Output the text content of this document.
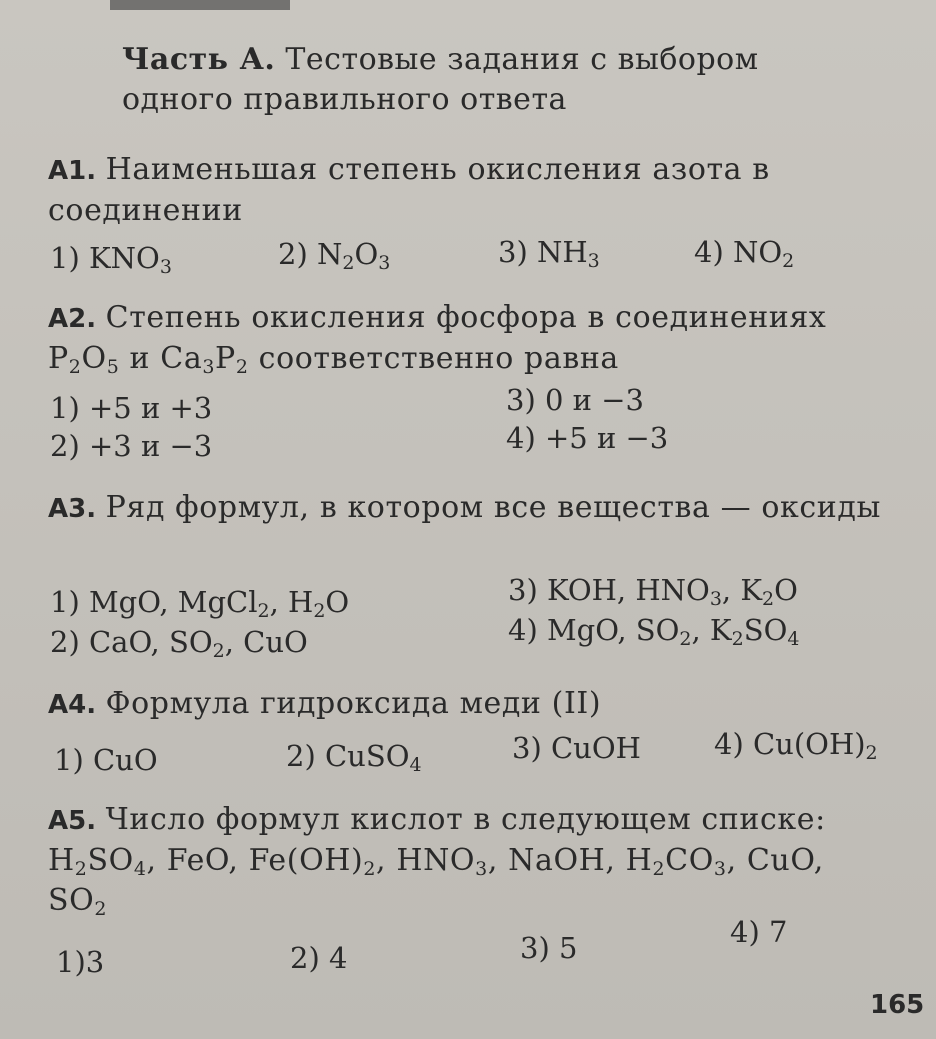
Часть А. Тестовые задания с выбором одного правильного ответа
А1. Наименьшая степень окисления азота в соединении
1) $KNO_3$	2) $N_2O_3$	3) $NH_3$	4) $NO_2$
А2. Степень окисления фосфора в соединениях
$P_2O_5$ и $Ca_3P_2$ соответственно равна
1) +5 и +3
2) +3 и −3
3) 0 и −3
4) +5 и −3
А3. Ряд формул, в котором все вещества — оксиды
1) MgO, MgCl$_2$, $H_2O$
2) CaO, $SO_2$, CuO
3) KOH, $HNO_3$, $K_2O$
4) MgO, $SO_2$, $K_2SO_4$
А4. Формула гидроксида меди (II)
1) CuO	2) CuSO$_4$	3) CuOH	4) $Cu(OH)_2$
А5. Число формул кислот в следующем списке:
$H_2SO_4$, FeO, $Fe(OH)_2$, $HNO_3$, NaOH, $H_2CO_3$, CuO,
$SO_2$
1)3	2) 4	3) 5	4) 7
165
